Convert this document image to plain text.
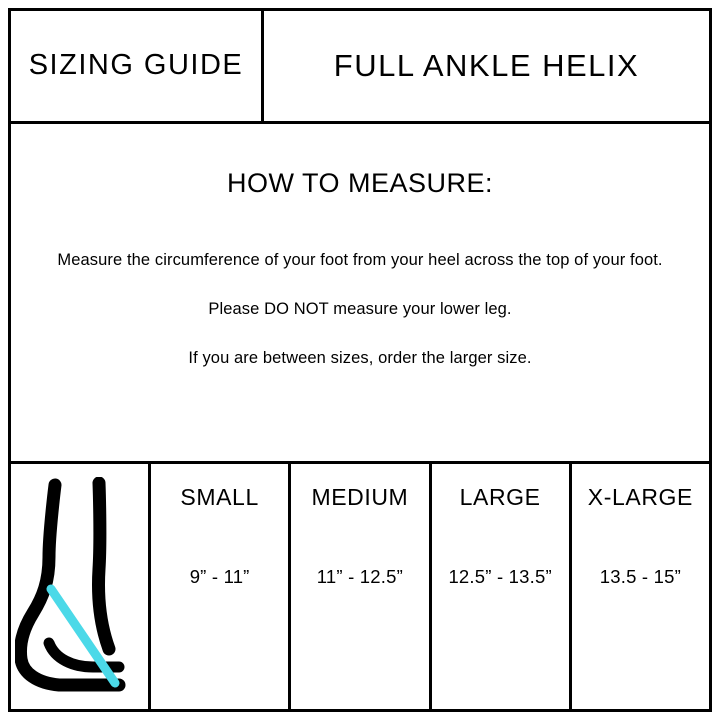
SIZING GUIDE	FULL ANKLE HELIX
HOW TO MEASURE:
Measure the circumference of your foot from your heel across the top of your foot.
Please DO NOT measure your lower leg.
If you are between sizes, order the larger size.
SMALL
9” - 11”
MEDIUM
11” - 12.5”
LARGE
12.5” - 13.5”
X-LARGE
13.5 - 15”
